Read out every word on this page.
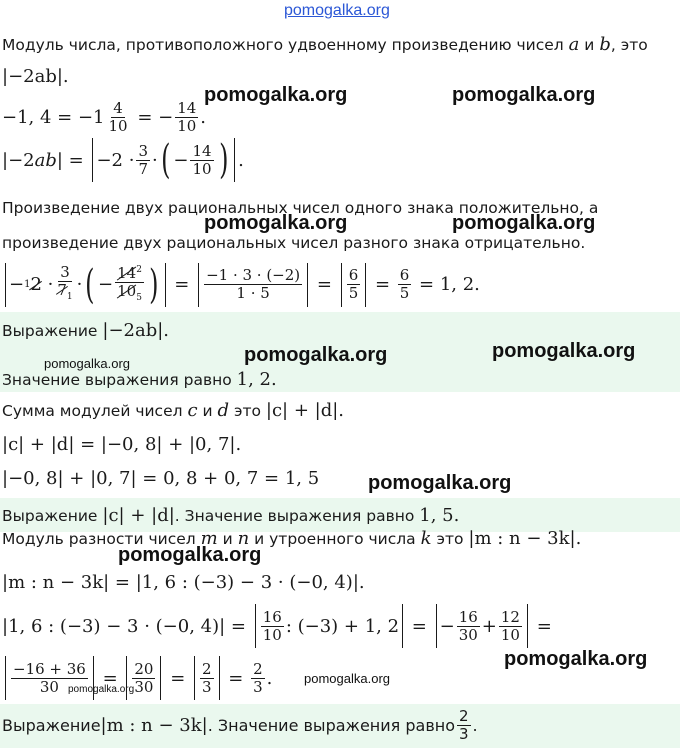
pomogalka.org
Модуль числа, противоположного удвоенному произведению чисел a и b, это
|−2ab|.
−1, $4 = -1 \frac{4}{10}$ = − $\frac{14}{10}$ .
$|-2ab| = -2 \cdot \frac{3}{7}$ · ( − $\frac{14}{10}$ ) .
Произведение двух рациональных чисел одного знака положительно, а
произведение двух рациональных чисел разного знака отрицательно.
− 1 $2 \cdot \frac{3}{7_1}$ · ( − $\frac{14^2}{10_5}$ ) = $\frac{-1 \cdot 3 \cdot (-2)}{1 \cdot 5} = \frac{6}{5} = \frac{6}{5} = 1$, 2.
Выражение |−2ab|.
Значение выражения равно 1, 2.
Сумма модулей чисел c и d это |c| + |d|.
|c| + |d| = |−0, 8| + |0, 7|.
|−0, 8| + |0, 7| = 0, 8 + 0, 7 = 1, 5
Выражение |c| + |d|. Значение выражения равно 1, 5.
Модуль разности чисел m и n и утроенного числа k это |m : n − 3k|.
|m : n − 3k| = |1, 6 : (−3) − 3 · (−0, 4)|.
|1, 6 : (−3) − 3 · (−0, $4)| = \frac{16}{10}$ : (−3) + 1, 2 = − $\frac{16}{30} + \frac{12}{10}$ =
$\frac{-16 + 36}{30} = \frac{20}{30} = \frac{2}{3} = \frac{2}{3}$ .
Выражение |m : n − 3k| . Значение выражения равно $\frac{2}{3}$ .
pomogalka.org	pomogalka.org
pomogalka.org	pomogalka.org
pomogalka.org	pomogalka.org	pomogalka.org
pomogalka.org
pomogalka.org
pomogalka.org
pomogalka.org
pomogalka.org
